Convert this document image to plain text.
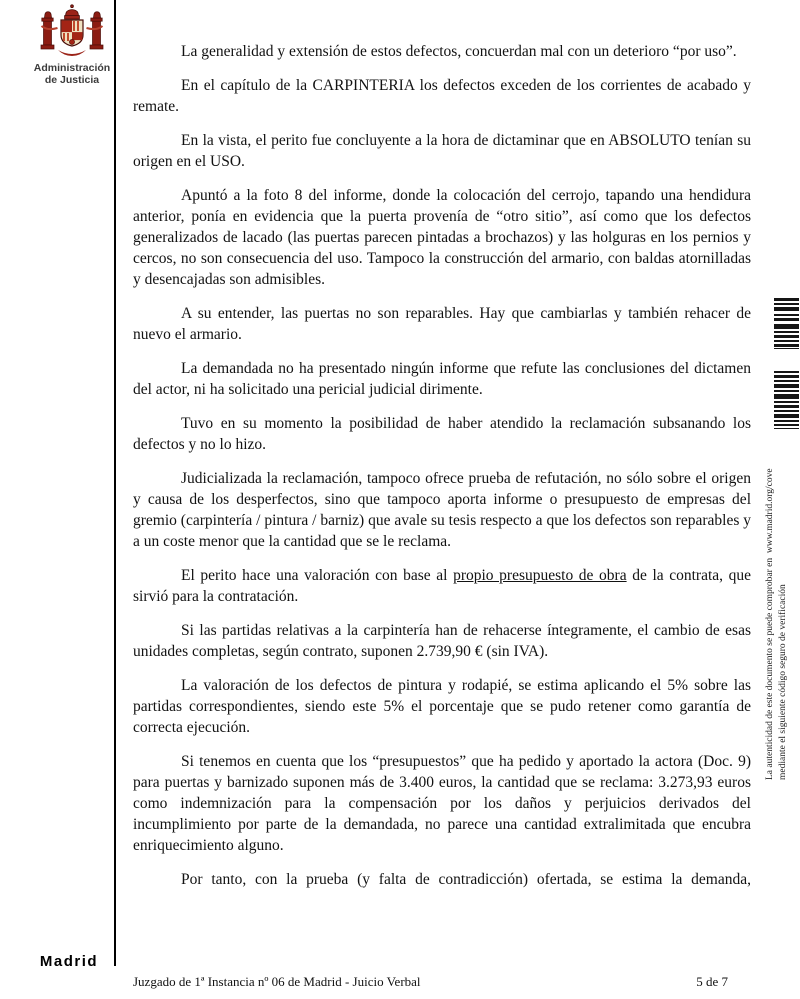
Administración
de Justicia

La generalidad y extensión de estos defectos, concuerdan mal con un deterioro “por uso”.

En el capítulo de la CARPINTERIA los defectos exceden de los corrientes de acabado y remate.

En la vista, el perito fue concluyente a la hora de dictaminar que en ABSOLUTO tenían su origen en el USO.

Apuntó a la foto 8 del informe, donde la colocación del cerrojo, tapando una hendidura anterior, ponía en evidencia que la puerta provenía de “otro sitio”, así como que los defectos generalizados de lacado (las puertas parecen pintadas a brochazos) y las holguras en los pernios y cercos, no son consecuencia del uso. Tampoco la construcción del armario, con baldas atornilladas y desencajadas son admisibles.

A su entender, las puertas no son reparables. Hay que cambiarlas y también rehacer de nuevo el armario.

La demandada no ha presentado ningún informe que refute las conclusiones del dictamen del actor, ni ha solicitado una pericial judicial dirimente.

Tuvo en su momento la posibilidad de haber atendido la reclamación subsanando los defectos y no lo hizo.

Judicializada la reclamación, tampoco ofrece prueba de refutación, no sólo sobre el origen y causa de los desperfectos, sino que tampoco aporta informe o presupuesto de empresas del gremio (carpintería / pintura / barniz) que avale su tesis respecto a que los defectos son reparables y a un coste menor que la cantidad que se le reclama.

El perito hace una valoración con base al propio presupuesto de obra de la contrata, que sirvió para la contratación.

Si las partidas relativas a la carpintería han de rehacerse íntegramente, el cambio de esas unidades completas, según contrato, suponen 2.739,90 € (sin IVA).

La valoración de los defectos de pintura y rodapié, se estima aplicando el 5% sobre las partidas correspondientes, siendo este 5% el porcentaje que se pudo retener como garantía de correcta ejecución.

Si tenemos en cuenta que los “presupuestos” que ha pedido y aportado la actora (Doc. 9) para puertas y barnizado suponen más de 3.400 euros, la cantidad que se reclama: 3.273,93 euros como indemnización para la compensación por los daños y perjuicios derivados del incumplimiento por parte de la demandada, no parece una cantidad extralimitada que encubra enriquecimiento alguno.

Por tanto, con la prueba (y falta de contradicción) ofertada, se estima la demanda,

La autenticidad de este documento se puede comprobar en  www.madrid.org/cove mediante el siguiente código seguro de verificación
★ ★ ★ ★
★ ★ ★
Madrid
Juzgado de 1ª Instancia nº 06 de Madrid - Juicio Verbal	5 de 7
